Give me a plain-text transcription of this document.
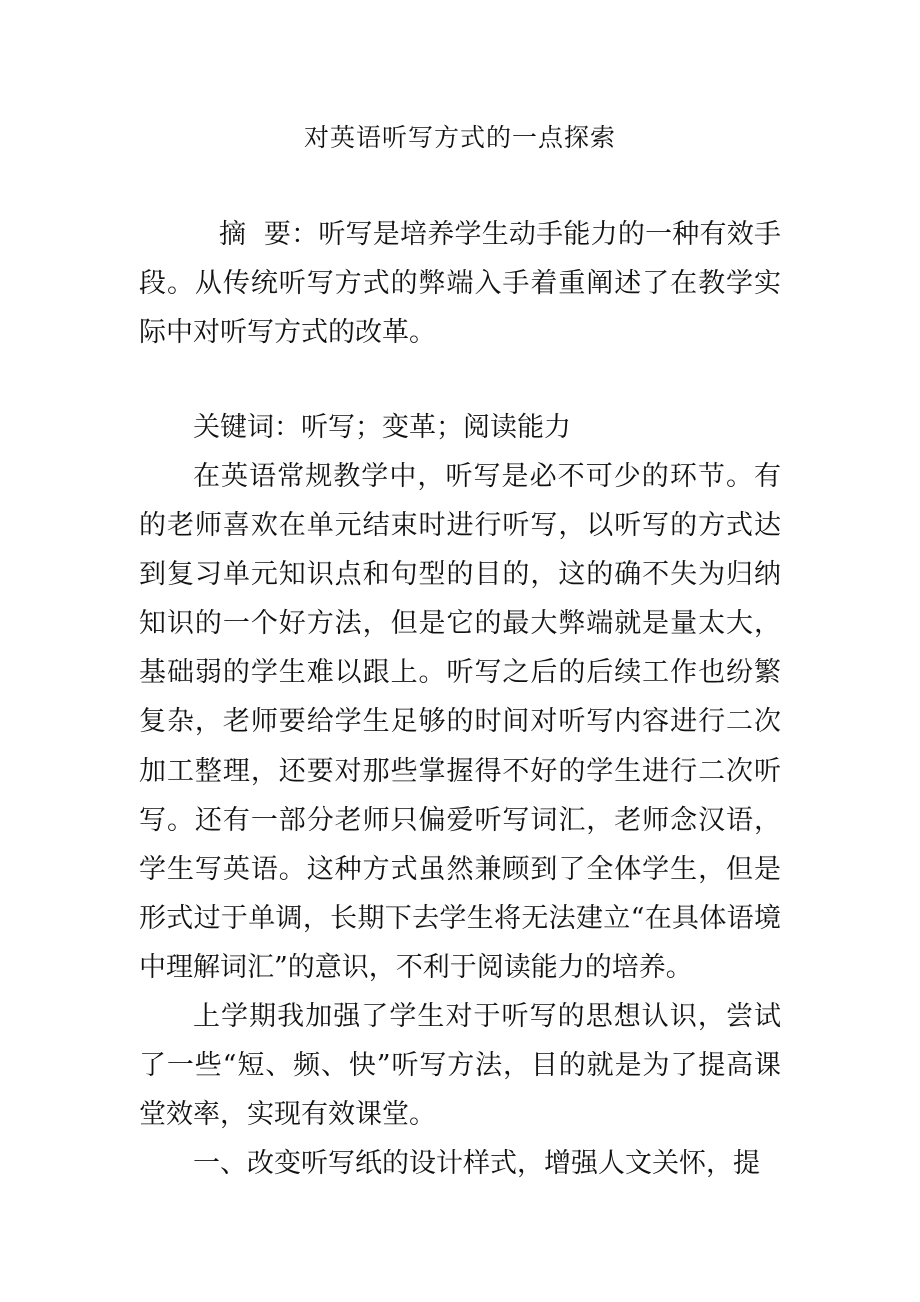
对英语听写方式的一点探索

摘  要：听写是培养学生动手能力的一种有效手段。从传统听写方式的弊端入手着重阐述了在教学实际中对听写方式的改革。

关键词：听写；变革；阅读能力

在英语常规教学中，听写是必不可少的环节。有的老师喜欢在单元结束时进行听写，以听写的方式达到复习单元知识点和句型的目的，这的确不失为归纳知识的一个好方法，但是它的最大弊端就是量太大，基础弱的学生难以跟上。听写之后的后续工作也纷繁复杂，老师要给学生足够的时间对听写内容进行二次加工整理，还要对那些掌握得不好的学生进行二次听写。还有一部分老师只偏爱听写词汇，老师念汉语，学生写英语。这种方式虽然兼顾到了全体学生，但是形式过于单调，长期下去学生将无法建立“在具体语境中理解词汇”的意识，不利于阅读能力的培养。

上学期我加强了学生对于听写的思想认识，尝试了一些“短、频、快”听写方法，目的就是为了提高课堂效率，实现有效课堂。

一、改变听写纸的设计样式，增强人文关怀，提
